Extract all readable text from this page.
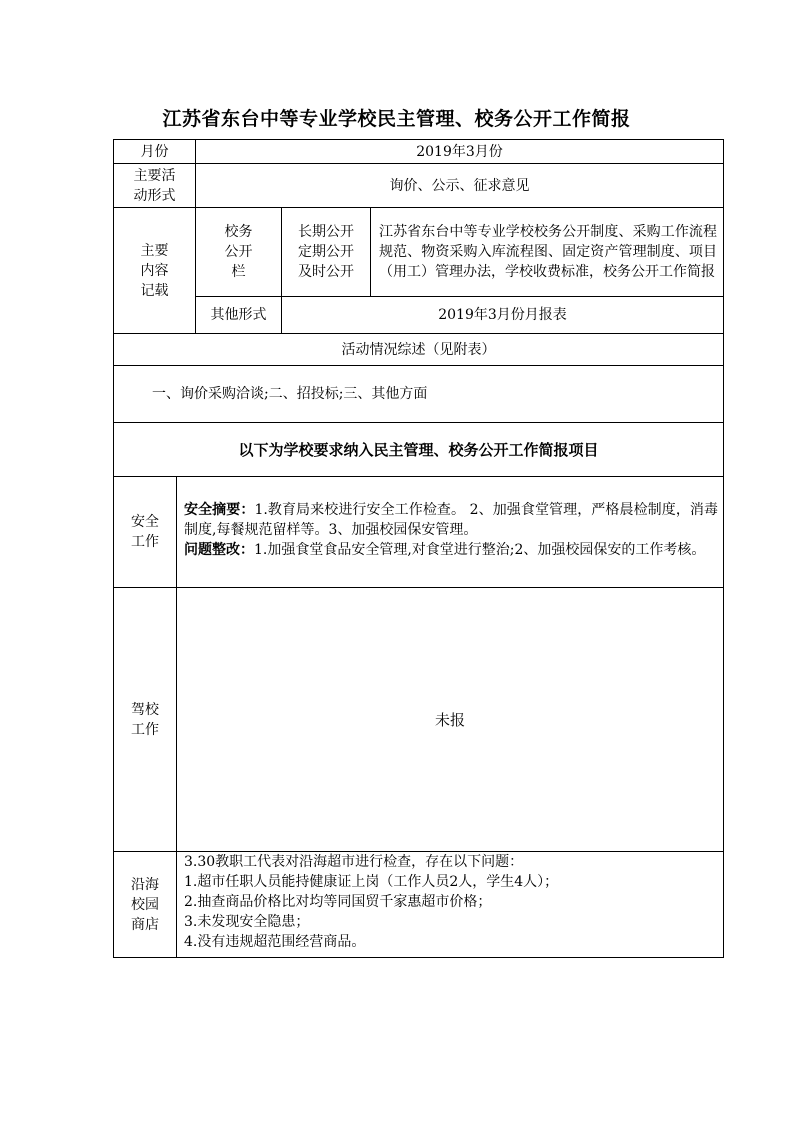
江苏省东台中等专业学校民主管理、校务公开工作简报
月份	2019年3月份
主要活
动形式
询价、公示、征求意见
主要
内容
记载
校务
公开
栏
长期公开
定期公开
及时公开
江苏省东台中等专业学校校务公开制度、采购工作流程规范、物资采购入库流程图、固定资产管理制度、项目（用工）管理办法，学校收费标准，校务公开工作简报
其他形式	2019年3月份月报表
活动情况综述（见附表）
一、询价采购洽谈;二、招投标;三、其他方面
以下为学校要求纳入民主管理、校务公开工作简报项目
安全
工作
安全摘要：1.教育局来校进行安全工作检查。 2、加强食堂管理，严格晨检制度，消毒制度,每餐规范留样等。3、加强校园保安管理。
问题整改：1.加强食堂食品安全管理,对食堂进行整治;2、加强校园保安的工作考核。
驾校
工作
未报
沿海
校园
商店
3.30教职工代表对沿海超市进行检查，存在以下问题：
1.超市任职人员能持健康证上岗（工作人员2人，学生4人）；
2.抽查商品价格比对均等同国贸千家惠超市价格；
3.未发现安全隐患；
4.没有违规超范围经营商品。
